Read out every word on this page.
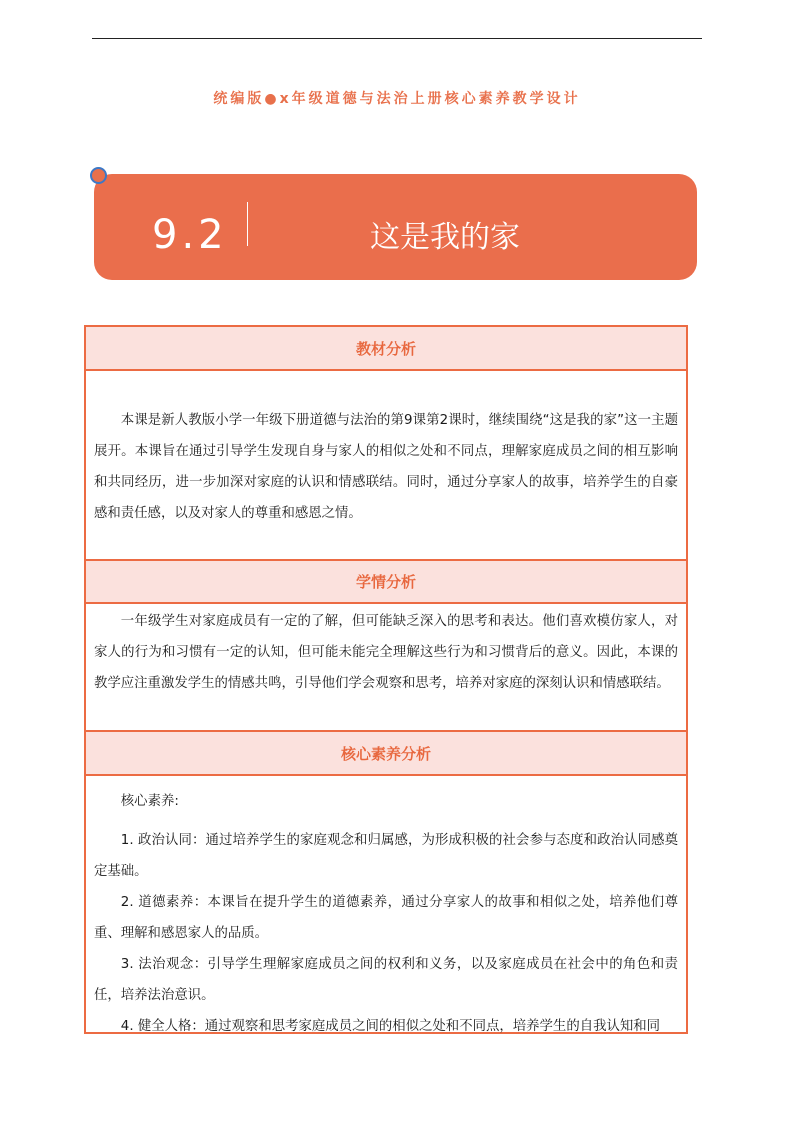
统编版●x年级道德与法治上册核心素养教学设计
9.2	这是我的家
教材分析

本课是新人教版小学一年级下册道德与法治的第9课第2课时，继续围绕“这是我的家”这一主题展开。本课旨在通过引导学生发现自身与家人的相似之处和不同点，理解家庭成员之间的相互影响和共同经历，进一步加深对家庭的认识和情感联结。同时，通过分享家人的故事，培养学生的自豪感和责任感，以及对家人的尊重和感恩之情。

学情分析

一年级学生对家庭成员有一定的了解，但可能缺乏深入的思考和表达。他们喜欢模仿家人，对家人的行为和习惯有一定的认知，但可能未能完全理解这些行为和习惯背后的意义。因此，本课的教学应注重激发学生的情感共鸣，引导他们学会观察和思考，培养对家庭的深刻认识和情感联结。

核心素养分析

核心素养:

1. 政治认同：通过培养学生的家庭观念和归属感，为形成积极的社会参与态度和政治认同感奠定基础。

2. 道德素养：本课旨在提升学生的道德素养，通过分享家人的故事和相似之处，培养他们尊重、理解和感恩家人的品质。

3. 法治观念：引导学生理解家庭成员之间的权利和义务，以及家庭成员在社会中的角色和责任，培养法治意识。

4. 健全人格：通过观察和思考家庭成员之间的相似之处和不同点，培养学生的自我认知和同
